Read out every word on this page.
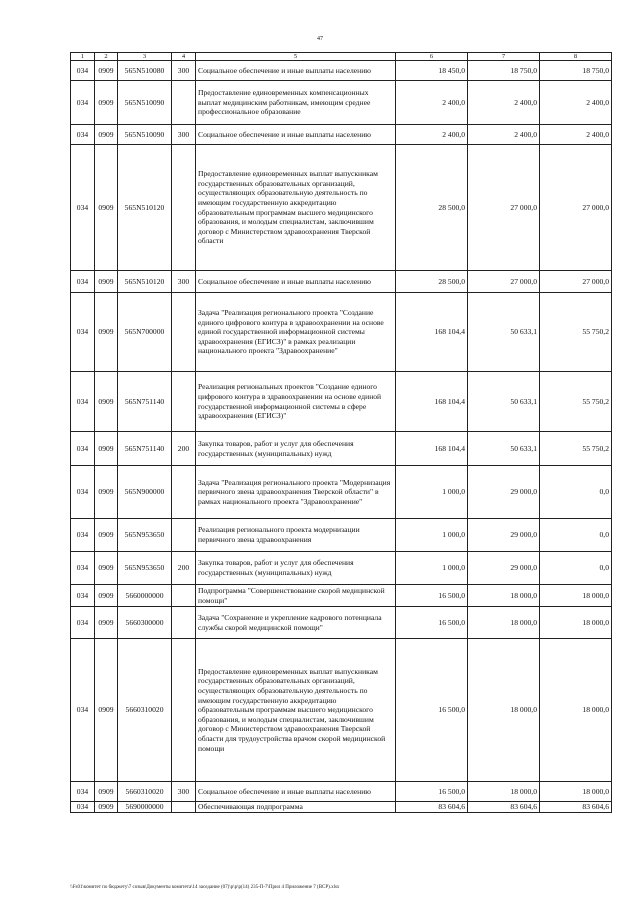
47
1	2	3	4	5	6	7	8
034	0909	565N510080	300	Социальное обеспечение и иные выплаты населению	18 450,0	18 750,0	18 750,0
034	0909	565N510090		Предоставление единовременных компенсационных выплат медицинским работникам, имеющим среднее профессиональное образование	2 400,0	2 400,0	2 400,0
034	0909	565N510090	300	Социальное обеспечение и иные выплаты населению	2 400,0	2 400,0	2 400,0
034	0909	565N510120		Предоставление единовременных выплат выпускникам государственных образовательных организаций, осуществляющих образовательную деятельность по имеющим государственную аккредитацию образовательным программам высшего медицинского образования, и молодым специалистам, заключившим договор с Министерством здравоохранения Тверской области	28 500,0	27 000,0	27 000,0
034	0909	565N510120	300	Социальное обеспечение и иные выплаты населению	28 500,0	27 000,0	27 000,0
034	0909	565N700000		Задача "Реализация регионального проекта "Создание единого цифрового контура в здравоохранении на основе единой государственной информационной системы здравоохранения (ЕГИСЗ)" в рамках реализации национального проекта "Здравоохранение"	168 104,4	50 633,1	55 750,2
034	0909	565N751140		Реализация региональных проектов "Создание единого цифрового контура в здравоохранении на основе единой государственной информационной системы в сфере здравоохранения (ЕГИСЗ)"	168 104,4	50 633,1	55 750,2
034	0909	565N751140	200	Закупка товаров, работ и услуг для обеспечения государственных (муниципальных) нужд	168 104,4	50 633,1	55 750,2
034	0909	565N900000		Задача "Реализация регионального проекта "Модернизация первичного звена здравоохранения Тверской области" в рамках национального проекта "Здравоохранение"	1 000,0	29 000,0	0,0
034	0909	565N953650		Реализация регионального проекта модернизации первичного звена здравоохранения	1 000,0	29 000,0	0,0
034	0909	565N953650	200	Закупка товаров, работ и услуг для обеспечения государственных (муниципальных) нужд	1 000,0	29 000,0	0,0
034	0909	5660000000		Подпрограмма "Совершенствование скорой медицинской помощи"	16 500,0	18 000,0	18 000,0
034	0909	5660300000		Задача "Сохранение и укрепление кадрового потенциала службы скорой медицинской помощи"	16 500,0	18 000,0	18 000,0
034	0909	5660310020		Предоставление единовременных выплат выпускникам государственных образовательных организаций, осуществляющих образовательную деятельность по имеющим государственную аккредитацию образовательным программам высшего медицинского образования, и молодым специалистам, заключившим договор с Министерством здравоохранения Тверской области для трудоустройства врачом скорой медицинской помощи	16 500,0	18 000,0	18 000,0
034	0909	5660310020	300	Социальное обеспечение и иные выплаты населению	16 500,0	18 000,0	18 000,0
034	0909	5690000000		Обеспечивающая подпрограмма	83 604,6	83 604,6	83 604,6
\\Fs01\комитет по бюджету\7 созыв\Документы комитета\14 заседание (07)\р\р\р(14) 235-П-7\Прил 4 Приложение 7 (ВСР).xlsx
